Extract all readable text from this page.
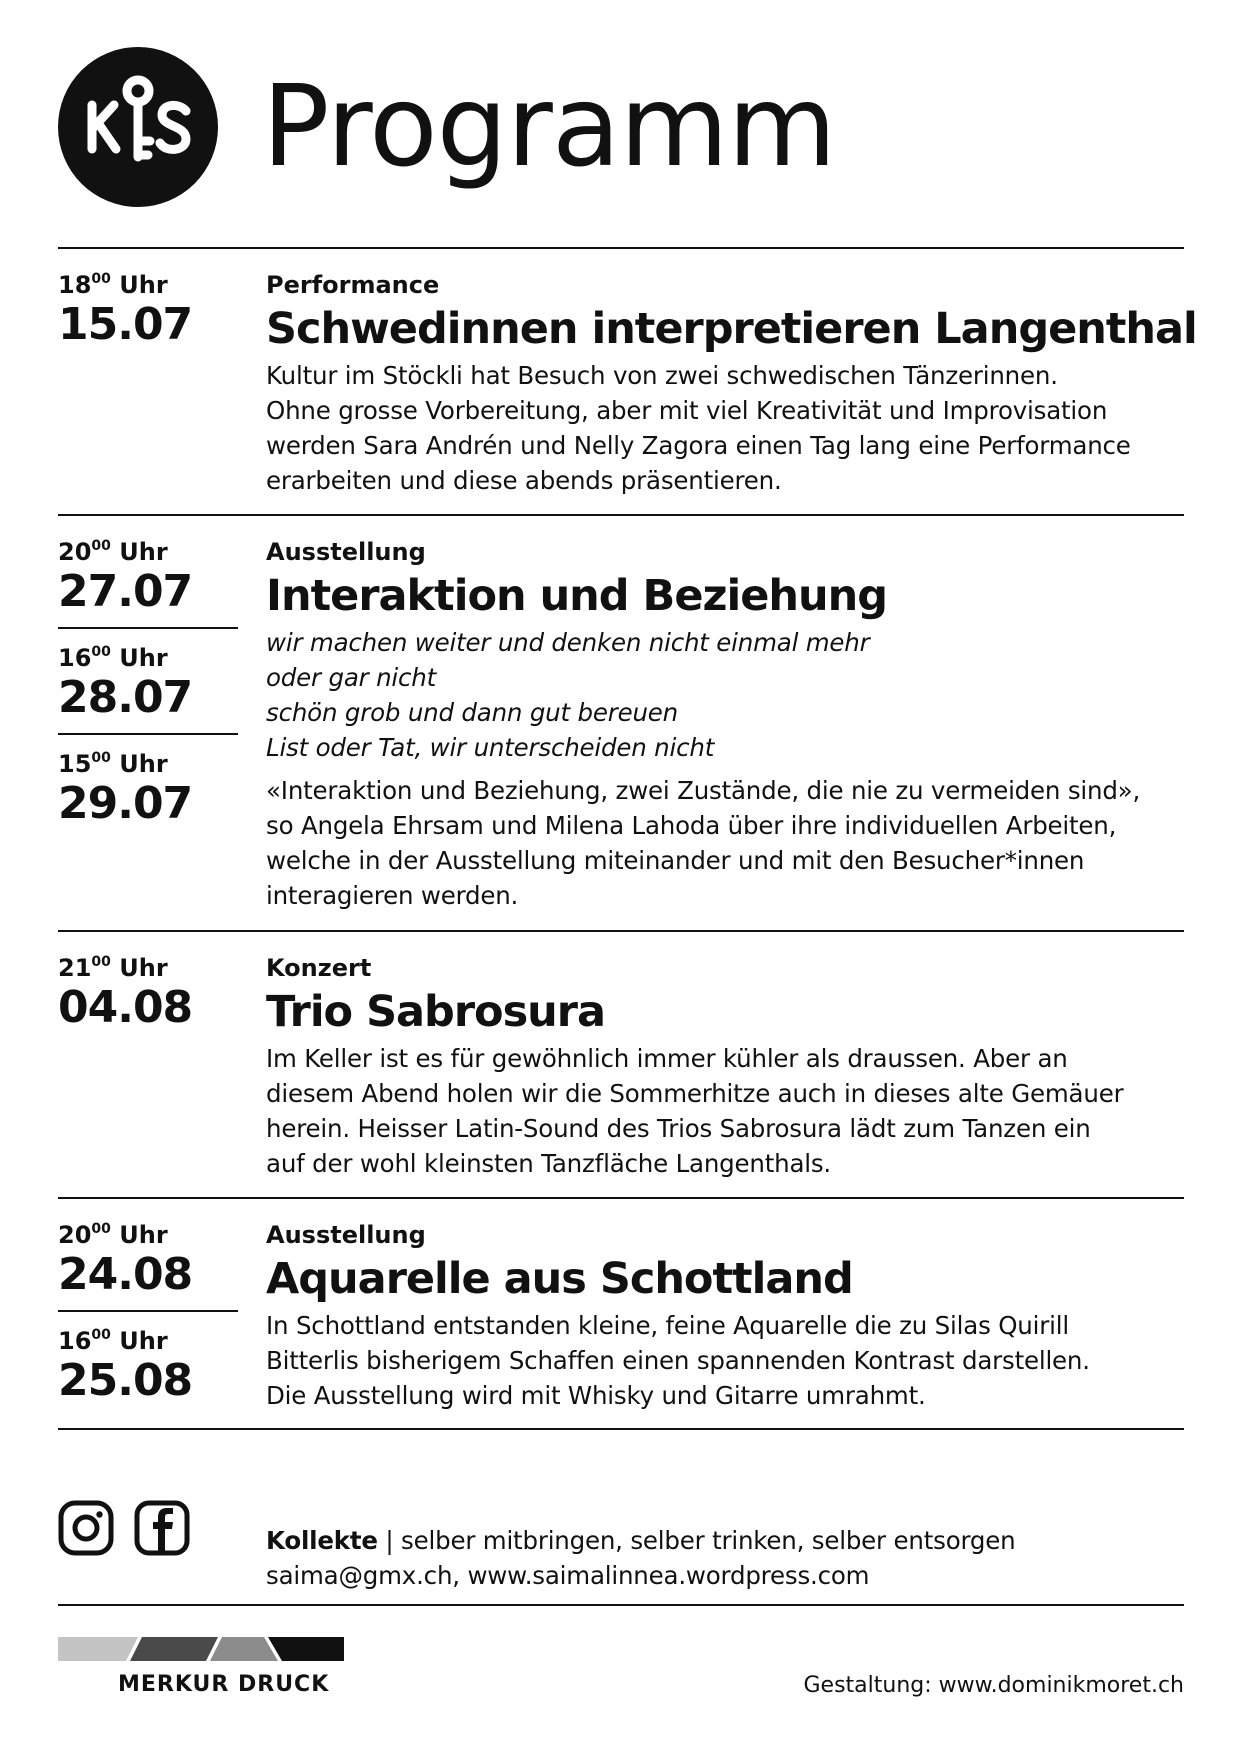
Programm
$18^{00}$ Uhr
15.07
Performance
Schwedinnen interpretieren Langenthal

Kultur im Stöckli hat Besuch von zwei schwedischen Tänzerinnen.

Ohne grosse Vorbereitung, aber mit viel Kreativität und Improvisation

werden Sara Andrén und Nelly Zagora einen Tag lang eine Performance

erarbeiten und diese abends präsentieren.

$20^{00}$ Uhr
27.07
$16^{00}$ Uhr
28.07
$15^{00}$ Uhr
29.07
Ausstellung
Interaktion und Beziehung

wir machen weiter und denken nicht einmal mehr

oder gar nicht

schön grob und dann gut bereuen

List oder Tat, wir unterscheiden nicht

«Interaktion und Beziehung, zwei Zustände, die nie zu vermeiden sind»,

so Angela Ehrsam und Milena Lahoda über ihre individuellen Arbeiten,

welche in der Ausstellung miteinander und mit den Besucher*innen

interagieren werden.

$21^{00}$ Uhr
04.08
Konzert
Trio Sabrosura

Im Keller ist es für gewöhnlich immer kühler als draussen. Aber an

diesem Abend holen wir die Sommerhitze auch in dieses alte Gemäuer

herein. Heisser Latin-Sound des Trios Sabrosura lädt zum Tanzen ein

auf der wohl kleinsten Tanzfläche Langenthals.

$20^{00}$ Uhr
24.08
$16^{00}$ Uhr
25.08
Ausstellung
Aquarelle aus Schottland

In Schottland entstanden kleine, feine Aquarelle die zu Silas Quirill

Bitterlis bisherigem Schaffen einen spannenden Kontrast darstellen.

Die Ausstellung wird mit Whisky und Gitarre umrahmt.

Kollekte | selber mitbringen, selber trinken, selber entsorgen

saima@gmx.ch, www.saimalinnea.wordpress.com

MERKUR DRUCK	Gestaltung: www.dominikmoret.ch
